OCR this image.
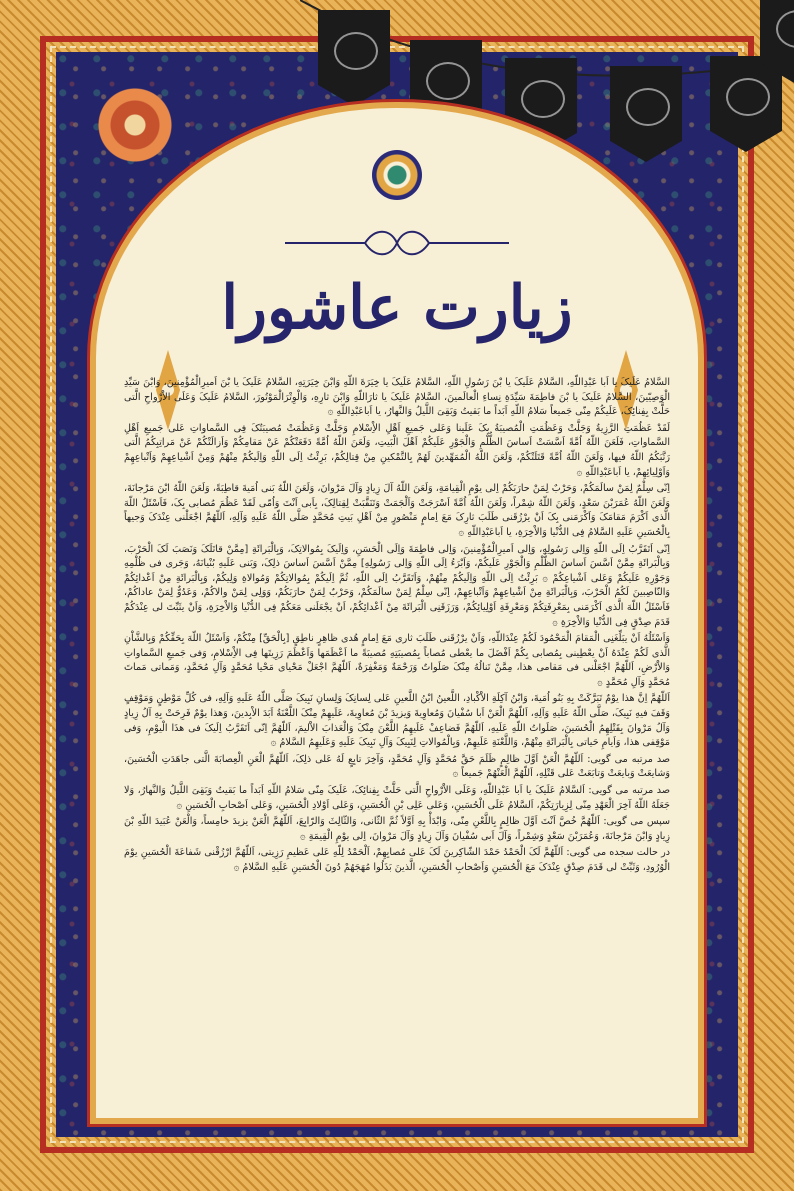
زیارت عاشورا

السَّلامُ عَلَیکَ یا اَبا عَبْدِاللّهِ، السَّلامُ عَلَیکَ یا بْنَ رَسُولِ اللّهِ، السَّلامُ عَلَیکَ یا خِیَرَةَ اللّهِ وَابْنَ خِیَرَتِهِ، السَّلامُ عَلَیکَ یا بْنَ اَمیرِالْمُؤْمِنینَ، وَابْنَ سَیِّدِ الْوَصِیّینَ، السَّلامُ عَلَیکَ یا بْنَ فاطِمَةَ سَیِّدَةِ نِساءِ الْعالَمینَ، السَّلامُ عَلَیکَ یا ثارَاللّهِ وَابْنَ ثارِهِ، وَالْوِتْرَالْمَوْتُورَ، السَّلامُ عَلَیکَ وَعَلَی الاَْرْواحِ الَّتی حَلَّتْ بِفِنائِکَ، عَلَیکُمْ مِنّی جَمیعاً سَلامُ اللّهِ اَبَداً ما بَقیتُ وَبَقِیَ اللَّیلُ وَالنَّهارُ، یا اَباعَبْدِاللّهِ ۞

لَقَدْ عَظُمَتِ الرَّزِیةُ وَجَلَّتْ وَعَظُمَتِ الْمُصیبَةُ بِکَ عَلَینا وَعَلی جَمیعِ اَهْلِ الاِْسْلامِ وَجَلَّتْ وَعَظُمَتْ مُصیبَتُکَ فِی السَّماواتِ عَلی جَمیعِ اَهْلِ السَّماواتِ، فَلَعَنَ اللّهُ اُمَّةً اَسَّسَتْ اَساسَ الظُّلْمِ وَالْجَوْرِ عَلَیکُمْ اَهْلَ الْبَیتِ، وَلَعَنَ اللّهُ اُمَّةً دَفَعَتْکُمْ عَنْ مَقامِکُمْ وَاَزالَتْکُمْ عَنْ مَراتِبِکُمُ الَّتی رَتَّبَکُمُ اللّهُ فیها، وَلَعَنَ اللّهُ اُمَّةً قَتَلَتْکُمْ، وَلَعَنَ اللّهُ الْمُمَهِّدینَ لَهُمْ بِالتَّمْکینِ مِنْ قِتالِکُمْ، بَرِئْتُ اِلَی اللّهِ وَاِلَیکُمْ مِنْهُمْ وَمِنْ اَشْیاعِهِمْ وَاَتْباعِهِمْ وَاَوْلِیائِهِمْ، یا اَباعَبْدِاللّهِ ۞

اِنّی سِلْمٌ لِمَنْ سالَمَکُمْ، وَحَرْبٌ لِمَنْ حارَبَکُمْ اِلی یوْمِ الْقِیامَةِ، وَلَعَنَ اللّهُ آلَ زِیادٍ وَآلَ مَرْوانَ، وَلَعَنَ اللّهُ بَنی اُمَیةَ قاطِبَةً، وَلَعَنَ اللّهُ ابْنَ مَرْجانَةَ، وَلَعَنَ اللّهُ عُمَرَبْنَ سَعْدٍ، وَلَعَنَ اللّهُ شِمْراً، وَلَعَنَ اللّهُ اُمَّةً اَسْرَجَتْ وَاَلْجَمَتْ وَتَنَقَّبَتْ لِقِتالِکَ، بِاَبی اَنْتَ وَاُمّی لَقَدْ عَظُمَ مُصابی بِکَ، فَاَسْئَلُ اللّهَ الَّذی اَکْرَمَ مَقامَکَ وَاَکْرَمَنی بِکَ اَنْ یرْزُقَنی طَلَبَ ثارِکَ مَعَ اِمامٍ مَنْصُورٍ مِنْ اَهْلِ بَیتِ مُحَمَّدٍ صَلَّی اللّهُ عَلَیهِ وَآلِهِ، اَللّهُمَّ اجْعَلْنی عِنْدَکَ وَجیهاً بِالْحُسَینِ عَلَیهِ السَّلامُ فِی الدُّنْیا وَالاْخِرَةِ، یا اَباعَبْدِاللّهِ ۞

اِنّی اَتَقَرَّبُ اِلَی اللّهِ وَاِلی رَسُولِهِ، وَاِلی اَمیرِالْمُؤْمِنینَ، وَاِلی فاطِمَةَ وَاِلَی الْحَسَنِ، وَاِلَیکَ بِمُوالاتِکَ، وَبِالْبَرائَةِ [مِمَّنْ قاتَلَکَ وَنَصَبَ لَکَ الْحَرْبَ، وَبِالْبَرائَةِ مِمَّنْ اَسَّسَ اَساسَ الظُّلْمِ وَالْجَوْرِ عَلَیکُمْ، وَاَبْرَءُ اِلَی اللّهِ وَاِلی رَسُولِهِ] مِمَّنْ اَسَّسَ اَساسَ ذلِکَ، وَبَنی عَلَیهِ بُنْیانَهُ، وَجَری فی ظُلْمِهِ وَجَوْرِهِ عَلَیکُمْ وَعَلی اَشْیاعِکُمْ ۞ بَرِئْتُ اِلَی اللّهِ وَاِلَیکُمْ مِنْهُمْ، وَاَتَقَرَّبُ اِلَی اللّهِ، ثُمَّ اِلَیکُمْ بِمُوالاتِکُمْ وَمُوالاةِ وَلِیکُمْ، وَبِالْبَرائَةِ مِنْ اَعْدائِکُمْ وَالنّاصِبینَ لَکُمُ الْحَرْبَ، وَبِالْبَرائَةِ مِنْ اَشْیاعِهِمْ وَاَتْباعِهِمْ، اِنّی سِلْمٌ لِمَنْ سالَمَکُمْ، وَحَرْبٌ لِمَنْ حارَبَکُمْ، وَوَلِی لِمَنْ والاکُمْ، وَعَدُوٌّ لِمَنْ عاداکُمْ، فَاَسْئَلُ اللّهَ الَّذی اَکْرَمَنی بِمَعْرِفَتِکُمْ وَمَعْرِفَةِ اَوْلِیائِکُمْ، وَرَزَقَنِی الْبَرائَةَ مِنْ اَعْدائِکُمْ، اَنْ یجْعَلَنی مَعَکُمْ فِی الدُّنْیا وَالاْخِرَةِ، وَاَنْ یثَبِّتَ لی عِنْدَکُمْ قَدَمَ صِدْقٍ فِی الدُّنْیا وَالاْخِرَةِ ۞

وَاَسْئَلُهُ اَنْ یبَلِّغَنِی الْمَقامَ الْمَحْمُودَ لَکُمْ عِنْدَاللّهِ، وَاَنْ یرْزُقَنی طَلَبَ ثاری مَعَ اِمامٍ هُدی ظاهِرٍ ناطِقٍ [بِالْحَقِّ] مِنْکُمْ، وَاَسْئَلُ اللّهَ بِحَقِّکُمْ وَبِالشَّاْنِ الَّذی لَکُمْ عِنْدَهُ اَنْ یعْطِینی بِمُصابی بِکُمْ اَفْضَلَ ما یعْطی مُصاباً بِمُصیبَتِهِ مُصیبَةً ما اَعْظَمَها وَاَعْظَمَ رَزِیتَها فِی الاِْسْلامِ، وَفی جَمیعِ السَّماواتِ وَالاَْرْضِ، اَللّهُمَّ اجْعَلْنی فی مَقامی هذا، مِمَّنْ تَنالُهُ مِنْکَ صَلَواتٌ وَرَحْمَةٌ وَمَغْفِرَةٌ، اَللّهُمَّ اجْعَلْ مَحْیای مَحْیا مُحَمَّدٍ وَآلِ مُحَمَّدٍ، وَمَماتی مَماتَ مُحَمَّدٍ وَآلِ مُحَمَّدٍ ۞

اَللّهُمَّ اِنَّ هذا یوْمٌ تَبَرَّکَتْ بِهِ بَنُو اُمَیةَ، وَابْنُ آکِلَةِ الاَْکْبادِ، اللَّعینُ ابْنُ اللَّعینِ عَلی لِسانِکَ وَلِسانِ نَبِیکَ صَلَّی اللّهُ عَلَیهِ وَآلِهِ، فی کُلِّ مَوْطِنٍ وَمَوْقِفٍ وَقَفَ فیهِ نَبِیکَ، صَلَّی اللّهُ عَلَیهِ وَآلِهِ، اَللّهُمَّ الْعَنْ اَبا سُفْیانَ وَمُعاوِیةَ وَیزیدَ بْنَ مُعاوِیةَ، عَلَیهِمْ مِنْکَ اللَّعْنَةُ اَبَدَ الاْبِدینَ، وَهذا یوْمٌ فَرِحَتْ بِهِ آلُ زِیادٍ وَآلُ مَرْوانَ بِقَتْلِهِمُ الْحُسَینَ، صَلَواتُ اللّهِ عَلَیهِ، اَللّهُمَّ فَضاعِفْ عَلَیهِمُ اللَّعْنَ مِنْکَ وَالْعَذابَ الاَْلیمَ، اَللّهُمَّ اِنّی اَتَقَرَّبُ اِلَیکَ فی هذَا الْیوْمِ، وَفی مَوْقِفی هذا، وَاَیامِ حَیاتی بِالْبَرائَةِ مِنْهُمْ، وَاللَّعْنَةِ عَلَیهِمْ، وَبِالْمُوالاتِ لِنَبِیکَ وَآلِ نَبِیکَ عَلَیهِ وَعَلَیهِمُ السَّلامُ ۞

صد مرتبه می گویی: اَللّهُمَّ الْعَنْ اَوَّلَ ظالِمٍ ظَلَمَ حَقَّ مُحَمَّدٍ وَآلِ مُحَمَّدٍ، وَآخِرَ تابِعٍ لَهُ عَلی ذلِکَ، اَللّهُمَّ الْعَنِ الْعِصابَةَ الَّتی جاهَدَتِ الْحُسَینَ، وَشایعَتْ وَبایعَتْ وَتابَعَتْ عَلی قَتْلِهِ، اَللّهُمَّ الْعَنْهُمْ جَمیعاً ۞

صد مرتبه می گویی: اَلسَّلامُ عَلَیکَ یا اَبا عَبْدِاللّهِ، وَعَلَی الاَْرْواحِ الَّتی حَلَّتْ بِفِنائِکَ، عَلَیکَ مِنّی سَلامُ اللّهِ اَبَداً ما بَقیتُ وَبَقِیَ اللَّیلُ وَالنَّهارُ، وَلا جَعَلَهُ اللّهُ آخِرَ الْعَهْدِ مِنّی لِزِیارَتِکُمْ، اَلسَّلامُ عَلَی الْحُسَینِ، وَعَلی عَلِی بْنِ الْحُسَینِ، وَعَلی اَوْلادِ الْحُسَینِ، وَعَلی اَصْحابِ الْحُسَینِ ۞

سپس می گویی: اَللّهُمَّ خُصَّ اَنْتَ اَوَّلَ ظالِمٍ بِاللَّعْنِ مِنّی، وَابْدَأْ بِهِ اَوَّلاً ثُمَّ الثّانی، وَالثّالِثَ وَالرّابِعَ، اَللّهُمَّ الْعَنْ یزیدَ خامِساً، وَالْعَنْ عُبَیدَ اللّهِ بْنَ زِیادٍ وَابْنَ مَرْجانَةَ، وَعُمَرَبْنَ سَعْدٍ وَشِمْراً، وَآلَ اَبی سُفْیانَ وَآلَ زِیادٍ وَآلَ مَرْوانَ، اِلی یوْمِ الْقِیمَةِ ۞

در حالت سجده می گویی: اَللّهُمَّ لَکَ الْحَمْدُ حَمْدَ الشّاکِرینَ لَکَ عَلی مُصابِهِمْ، اَلْحَمْدُ لِلّهِ عَلی عَظیمِ رَزِیتی، اَللّهُمَّ ارْزُقْنی شَفاعَةَ الْحُسَینِ یوْمَ الْوُرُودِ، وَثَبِّتْ لی قَدَمَ صِدْقٍ عِنْدَکَ مَعَ الْحُسَینِ وَاَصْحابِ الْحُسَینِ، الَّذینَ بَذَلُوا مُهَجَهُمْ دُونَ الْحُسَینِ عَلَیهِ السَّلامُ ۞
